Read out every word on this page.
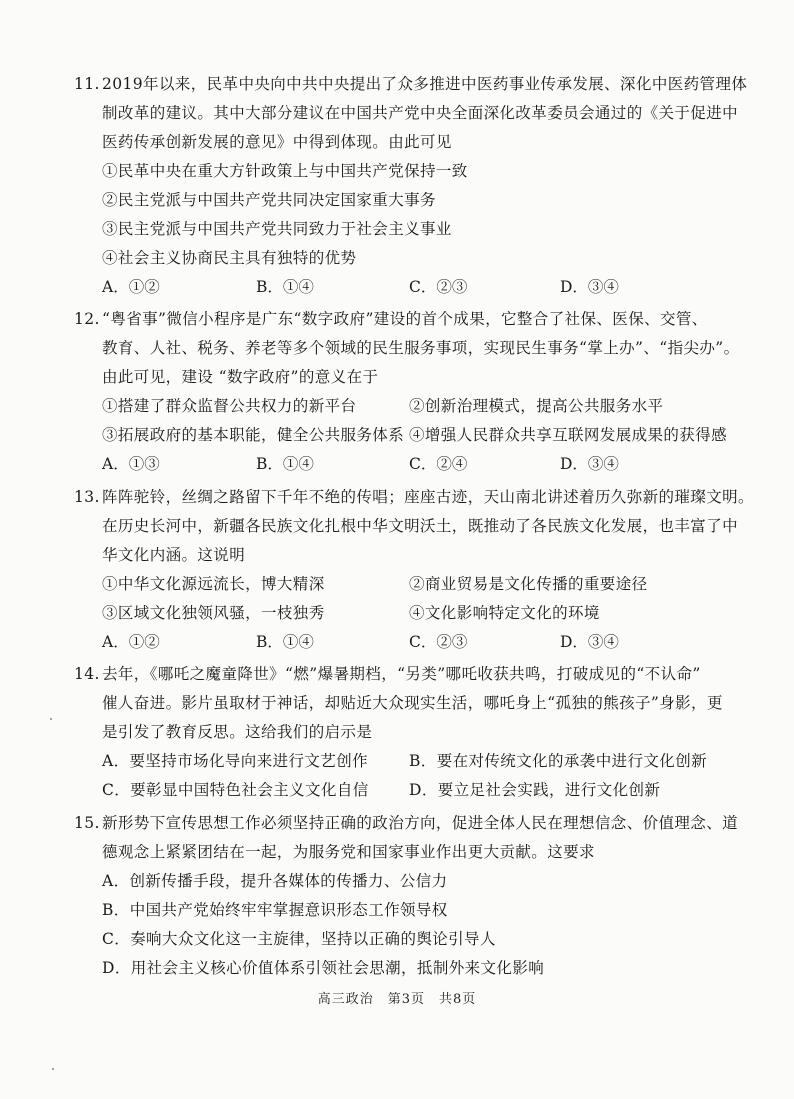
11. 2019年以来，民革中央向中共中央提出了众多推进中医药事业传承发展、深化中医药管理体
制改革的建议。其中大部分建议在中国共产党中央全面深化改革委员会通过的《关于促进中
医药传承创新发展的意见》中得到体现。由此可见
①民革中央在重大方针政策上与中国共产党保持一致
②民主党派与中国共产党共同决定国家重大事务
③民主党派与中国共产党共同致力于社会主义事业
④社会主义协商民主具有独特的优势
A．①②	B．①④	C．②③	D．③④
12. “粤省事”微信小程序是广东“数字政府”建设的首个成果，它整合了社保、医保、交管、
教育、人社、税务、养老等多个领域的民生服务事项，实现民生事务“掌上办”、“指尖办”。
由此可见，建设 “数字政府”的意义在于
①搭建了群众监督公共权力的新平台	②创新治理模式，提高公共服务水平
③拓展政府的基本职能，健全公共服务体系 ④增强人民群众共享互联网发展成果的获得感
A．①③	B．①④	C．②④	D．③④
13. 阵阵驼铃，丝绸之路留下千年不绝的传唱；座座古迹，天山南北讲述着历久弥新的璀璨文明。
在历史长河中，新疆各民族文化扎根中华文明沃土，既推动了各民族文化发展，也丰富了中
华文化内涵。这说明
①中华文化源远流长，博大精深	②商业贸易是文化传播的重要途径
③区域文化独领风骚，一枝独秀	④文化影响特定文化的环境
A．①②	B．①④	C．②③	D．③④
14. 去年，《哪吒之魔童降世》“燃”爆暑期档，“另类”哪吒收获共鸣，打破成见的“不认命”
催人奋进。影片虽取材于神话，却贴近大众现实生活，哪吒身上“孤独的熊孩子”身影，更
是引发了教育反思。这给我们的启示是
A．要坚持市场化导向来进行文艺创作	B．要在对传统文化的承袭中进行文化创新
C．要彰显中国特色社会主义文化自信	D．要立足社会实践，进行文化创新
15. 新形势下宣传思想工作必须坚持正确的政治方向，促进全体人民在理想信念、价值理念、道
德观念上紧紧团结在一起，为服务党和国家事业作出更大贡献。这要求
A．创新传播手段，提升各媒体的传播力、公信力
B．中国共产党始终牢牢掌握意识形态工作领导权
C．奏响大众文化这一主旋律，坚持以正确的舆论引导人
D．用社会主义核心价值体系引领社会思潮，抵制外来文化影响
高三政治　第3页　共8页
